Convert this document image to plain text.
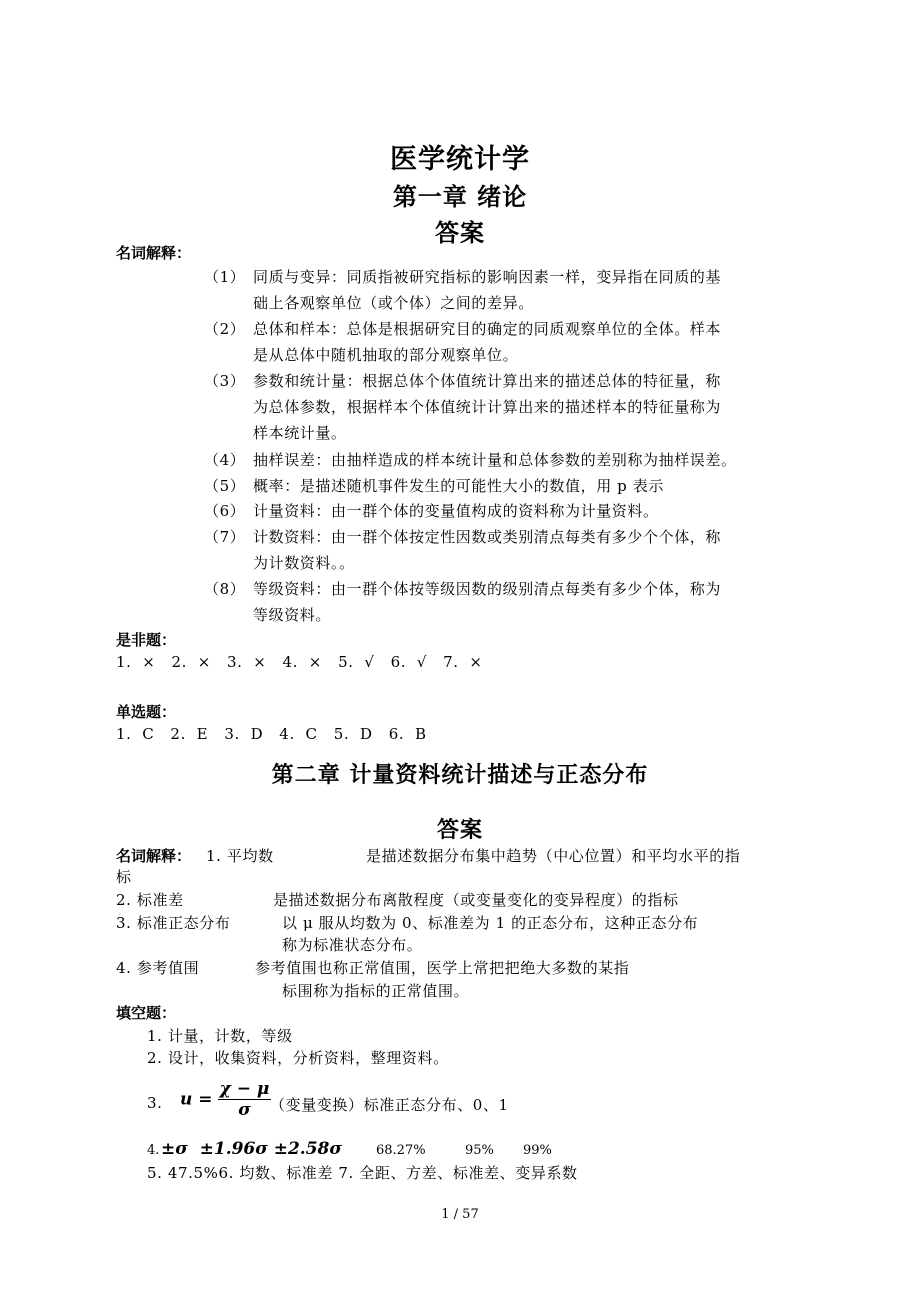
医学统计学
第一章 绪论
答案
名词解释：
（1） 同质与变异：同质指被研究指标的影响因素一样，变异指在同质的基
础上各观察单位（或个体）之间的差异。
（2） 总体和样本：总体是根据研究目的确定的同质观察单位的全体。样本
是从总体中随机抽取的部分观察单位。
（3） 参数和统计量：根据总体个体值统计算出来的描述总体的特征量，称
为总体参数，根据样本个体值统计计算出来的描述样本的特征量称为
样本统计量。
（4） 抽样误差：由抽样造成的样本统计量和总体参数的差别称为抽样误差。
（5） 概率：是描述随机事件发生的可能性大小的数值，用 p 表示
（6） 计量资料：由一群个体的变量值构成的资料称为计量资料。
（7） 计数资料：由一群个体按定性因数或类别清点每类有多少个个体，称
为计数资料。。
（8） 等级资料：由一群个体按等级因数的级别清点每类有多少个体，称为
等级资料。
是非题：
1.  ×   2.  ×   3.  ×   4.  ×   5.  √   6.  √   7.  ×
单选题：
1.  C   2.  E   3.  D   4.  C   5.  D   6.  B
第二章 计量资料统计描述与正态分布
答案
名词解释： 1. 平均数	是描述数据分布集中趋势（中心位置）和平均水平的指
标
2. 标准差	是描述数据分布离散程度（或变量变化的变异程度）的指标
3. 标准正态分布	以 μ 服从均数为 0、标准差为 1 的正态分布，这种正态分布
称为标准状态分布。
4. 参考值围	参考值围也称正常值围，医学上常把把绝大多数的某指
标围称为指标的正常值围。
填空题：
1. 计量，计数，等级
2. 设计，收集资料，分析资料，整理资料。
3. $u = \frac{\chi - \mu}{\sigma}$
（变量变换）标准正态分布、0、1
4. ±σ  ±1.96σ ±2.58σ	68.27%	95% 99%
5. 47.5%6. 均数、标准差 7. 全距、方差、标准差、变异系数
1 / 57
